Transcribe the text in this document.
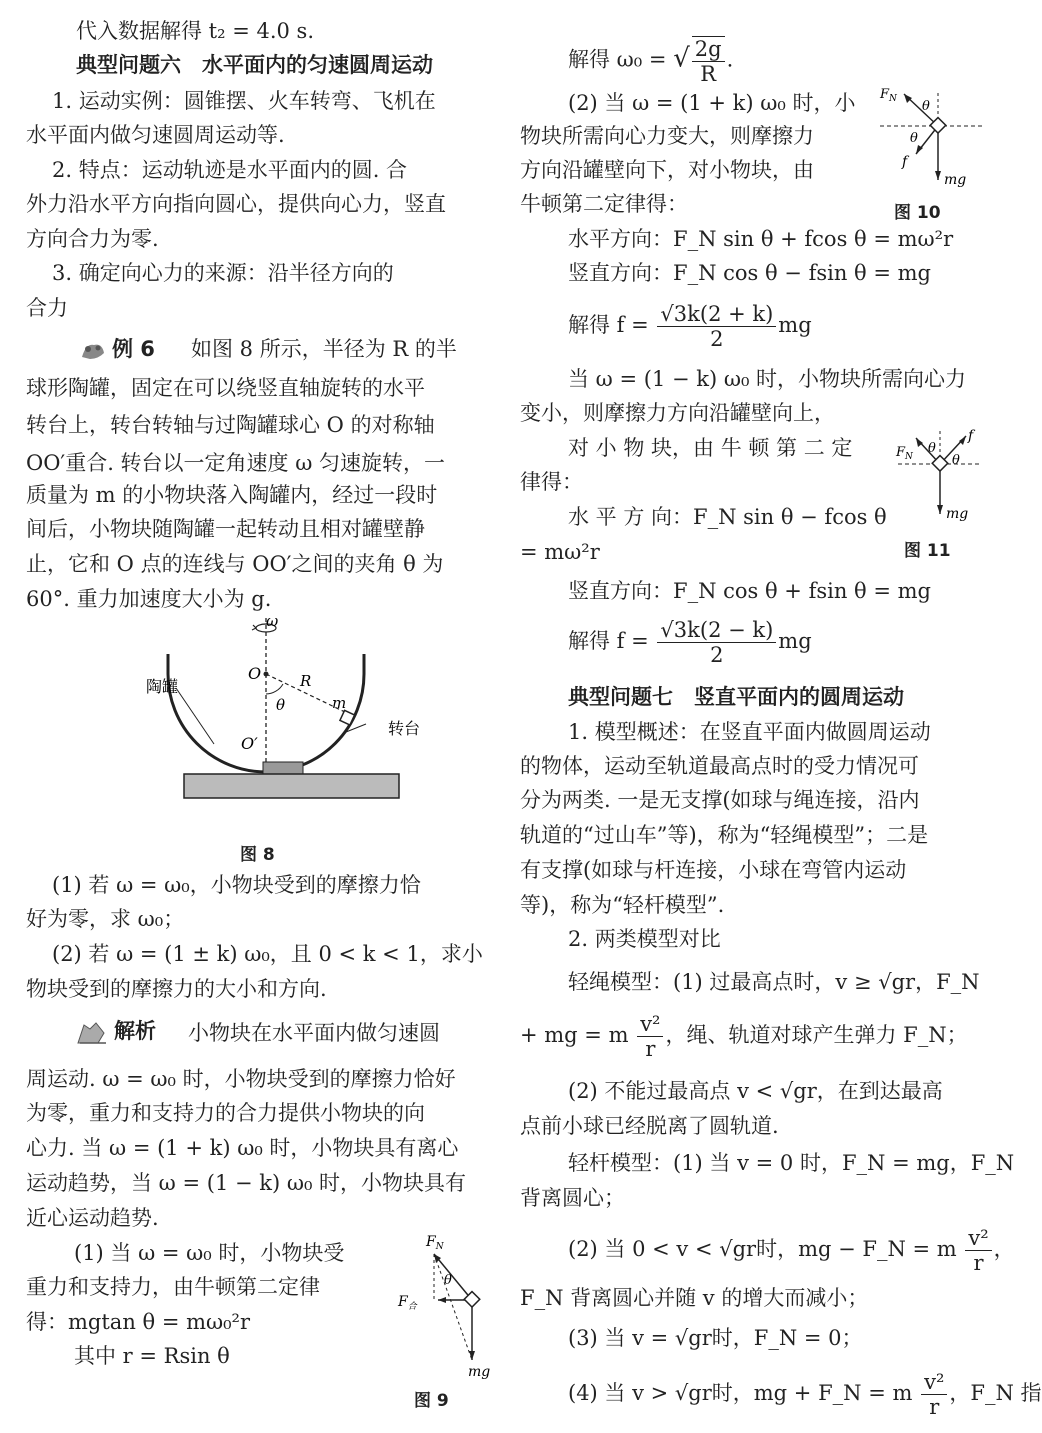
代入数据解得 t₂ = 4.0 s.
典型问题六　水平面内的匀速圆周运动
1. 运动实例：圆锥摆、火车转弯、飞机在
水平面内做匀速圆周运动等.
2. 特点：运动轨迹是水平面内的圆. 合
外力沿水平方向指向圆心，提供向心力，竖直
方向合力为零.
3. 确定向心力的来源：沿半径方向的
合力
例 6 如图 8 所示，半径为 R 的半
球形陶罐，固定在可以绕竖直轴旋转的水平
转台上，转台转轴与过陶罐球心 O 的对称轴
OO′重合. 转台以一定角速度 ω 匀速旋转，一
质量为 m 的小物块落入陶罐内，经过一段时
间后，小物块随陶罐一起转动且相对罐壁静
止，它和 O 点的连线与 OO′之间的夹角 θ 为
60°. 重力加速度大小为 g.
ω
O	R
m
θ
O′
陶罐
转台
图 8
(1) 若 ω = ω₀，小物块受到的摩擦力恰
好为零，求 ω₀；
(2) 若 ω = (1 ± k) ω₀，且 0 < k < 1，求小
物块受到的摩擦力的大小和方向.
解析 小物块在水平面内做匀速圆
周运动. ω = ω₀ 时，小物块受到的摩擦力恰好
为零，重力和支持力的合力提供小物块的向
心力. 当 ω = (1 + k) ω₀ 时，小物块具有离心
运动趋势，当 ω = (1 − k) ω₀ 时，小物块具有
近心运动趋势.
(1) 当 ω = ω₀ 时，小物块受
重力和支持力，由牛顿第二定律
得：mgtan θ = mω₀²r
其中 r = Rsin θ
$F_N$
θ
$F_合$
mg
图 9
解得 ω₀ = √ $\frac{2g}{R}$ .
(2) 当 ω = (1 + k) ω₀ 时，小
物块所需向心力变大，则摩擦力
方向沿罐壁向下，对小物块，由
牛顿第二定律得：
$F_N$ θ
θ
f
mg
图 10
水平方向：F_N sin θ + fcos θ = mω²r
竖直方向：F_N cos θ − fsin θ = mg
解得 $f = \frac{√3k(2 + k)}{2}$ mg
当 ω = (1 − k) ω₀ 时，小物块所需向心力
变小，则摩擦力方向沿罐壁向上，
对 小 物 块，由 牛 顿 第 二 定
律得：
水 平 方 向：F_N sin θ − fcos θ
= mω²r
$F_N$
θ
θ
f
mg
图 11
竖直方向：F_N cos θ + fsin θ = mg
解得 $f = \frac{√3k(2 - k)}{2}$ mg
典型问题七　竖直平面内的圆周运动
1. 模型概述：在竖直平面内做圆周运动
的物体，运动至轨道最高点时的受力情况可
分为两类. 一是无支撑(如球与绳连接，沿内
轨道的“过山车”等)，称为“轻绳模型”；二是
有支撑(如球与杆连接，小球在弯管内运动
等)，称为“轻杆模型”.
2. 两类模型对比
轻绳模型：(1) 过最高点时，v ≥ √gr，F_N
+ mg = m $\frac{\text{v²}}{r}$ ，绳、轨道对球产生弹力 F_N；
(2) 不能过最高点 v < √gr，在到达最高
点前小球已经脱离了圆轨道.
轻杆模型：(1) 当 v = 0 时，F_N = mg，F_N
背离圆心；
(2) 当 0 < v < √gr时，mg − F_N = m $\frac{\text{v²}}{r}$ ，
F_N 背离圆心并随 v 的增大而减小；
(3) 当 v = √gr时，F_N = 0；
(4) 当 v > √gr时，mg + F_N = m $\frac{\text{v²}}{r}$ ，F_N 指
